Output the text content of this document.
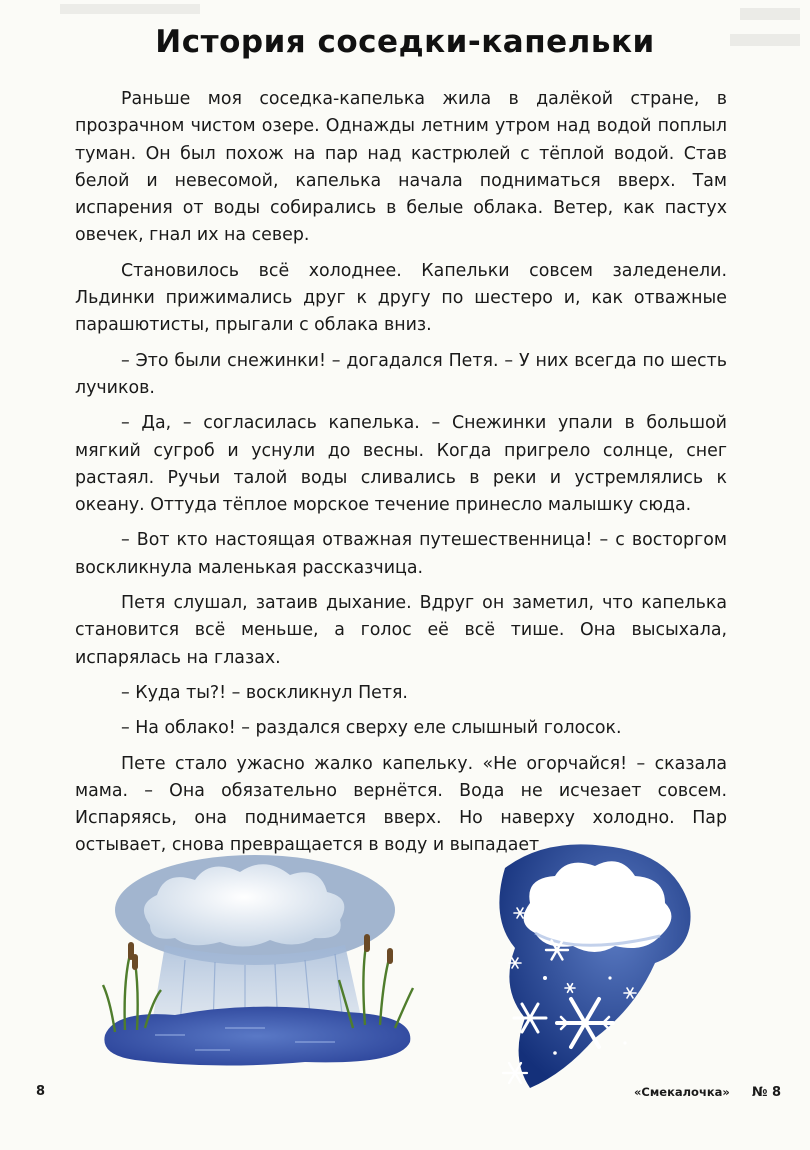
История соседки-капельки

Раньше моя соседка-капелька жила в далёкой стране, в прозрачном чистом озере. Однажды летним утром над водой поплыл туман. Он был похож на пар над кастрюлей с тёплой водой. Став белой и невесомой, капелька начала подниматься вверх. Там испарения от воды собирались в белые облака. Ветер, как пастух овечек, гнал их на север.

Становилось всё холоднее. Капельки совсем заледенели. Льдинки прижимались друг к другу по шестеро и, как отважные парашютисты, прыгали с облака вниз.

– Это были снежинки! – догадался Петя. – У них всегда по шесть лучиков.

– Да, – согласилась капелька. – Снежинки упали в большой мягкий сугроб и уснули до весны. Когда пригрело солнце, снег растаял. Ручьи талой воды сливались в реки и устремлялись к океану. Оттуда тёплое морское течение принесло малышку сюда.

– Вот кто настоящая отважная путешественница! – с восторгом воскликнула маленькая рассказчица.

Петя слушал, затаив дыхание. Вдруг он заметил, что капелька становится всё меньше, а голос её всё тише. Она высыхала, испарялась на глазах.

– Куда ты?! – воскликнул Петя.

– На облако! – раздался сверху еле слышный голосок.

Пете стало ужасно жалко капельку. «Не огорчайся! – сказала мама. – Она обязательно вернётся. Вода не исчезает совсем. Испаряясь, она поднимается вверх. Но наверху холодно. Пар остывает, снова превращается в воду и выпадает

8	«Смекалочка» № 8
